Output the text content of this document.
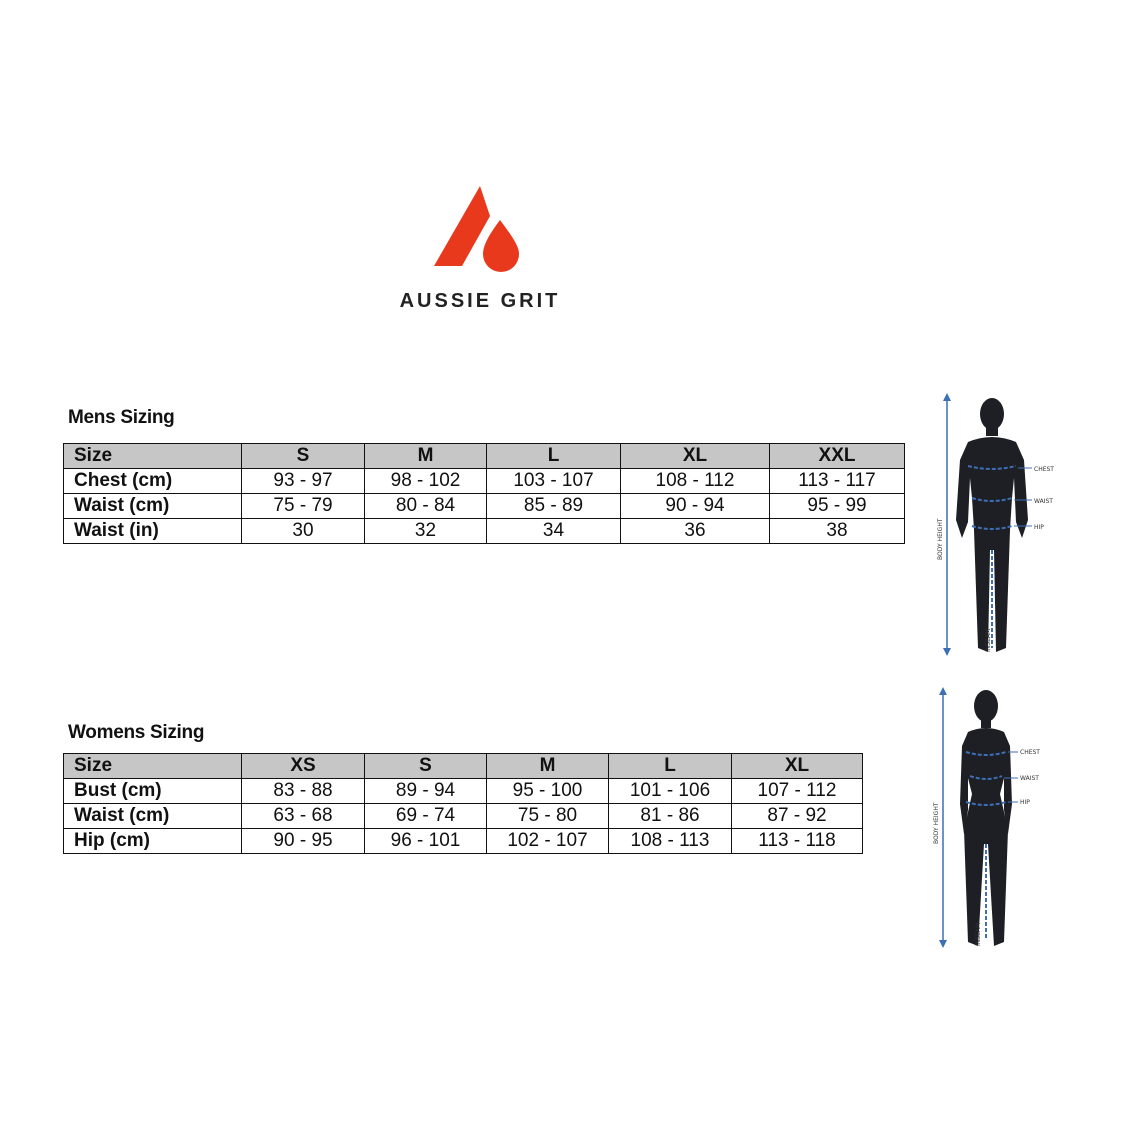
AUSSIE GRIT
Mens Sizing
Size	S	M	L	XL	XXL
Chest (cm)	93 - 97	98 - 102	103 - 107	108 - 112	113 - 117
Waist (cm)	75 - 79	80 - 84	85 - 89	90 - 94	95 - 99
Waist (in)	30	32	34	36	38
Womens Sizing
Size	XS	S	M	L	XL
Bust (cm)	83 - 88	89 - 94	95 - 100	101 - 106	107 - 112
Waist (cm)	63 - 68	69 - 74	75 - 80	81 - 86	87 - 92
Hip (cm)	90 - 95	96 - 101	102 - 107	108 - 113	113 - 118
CHEST
WAIST
HIP
BODY HEIGHT
INSEAM
CHEST
WAIST
HIP
BODY HEIGHT
INSEAM
